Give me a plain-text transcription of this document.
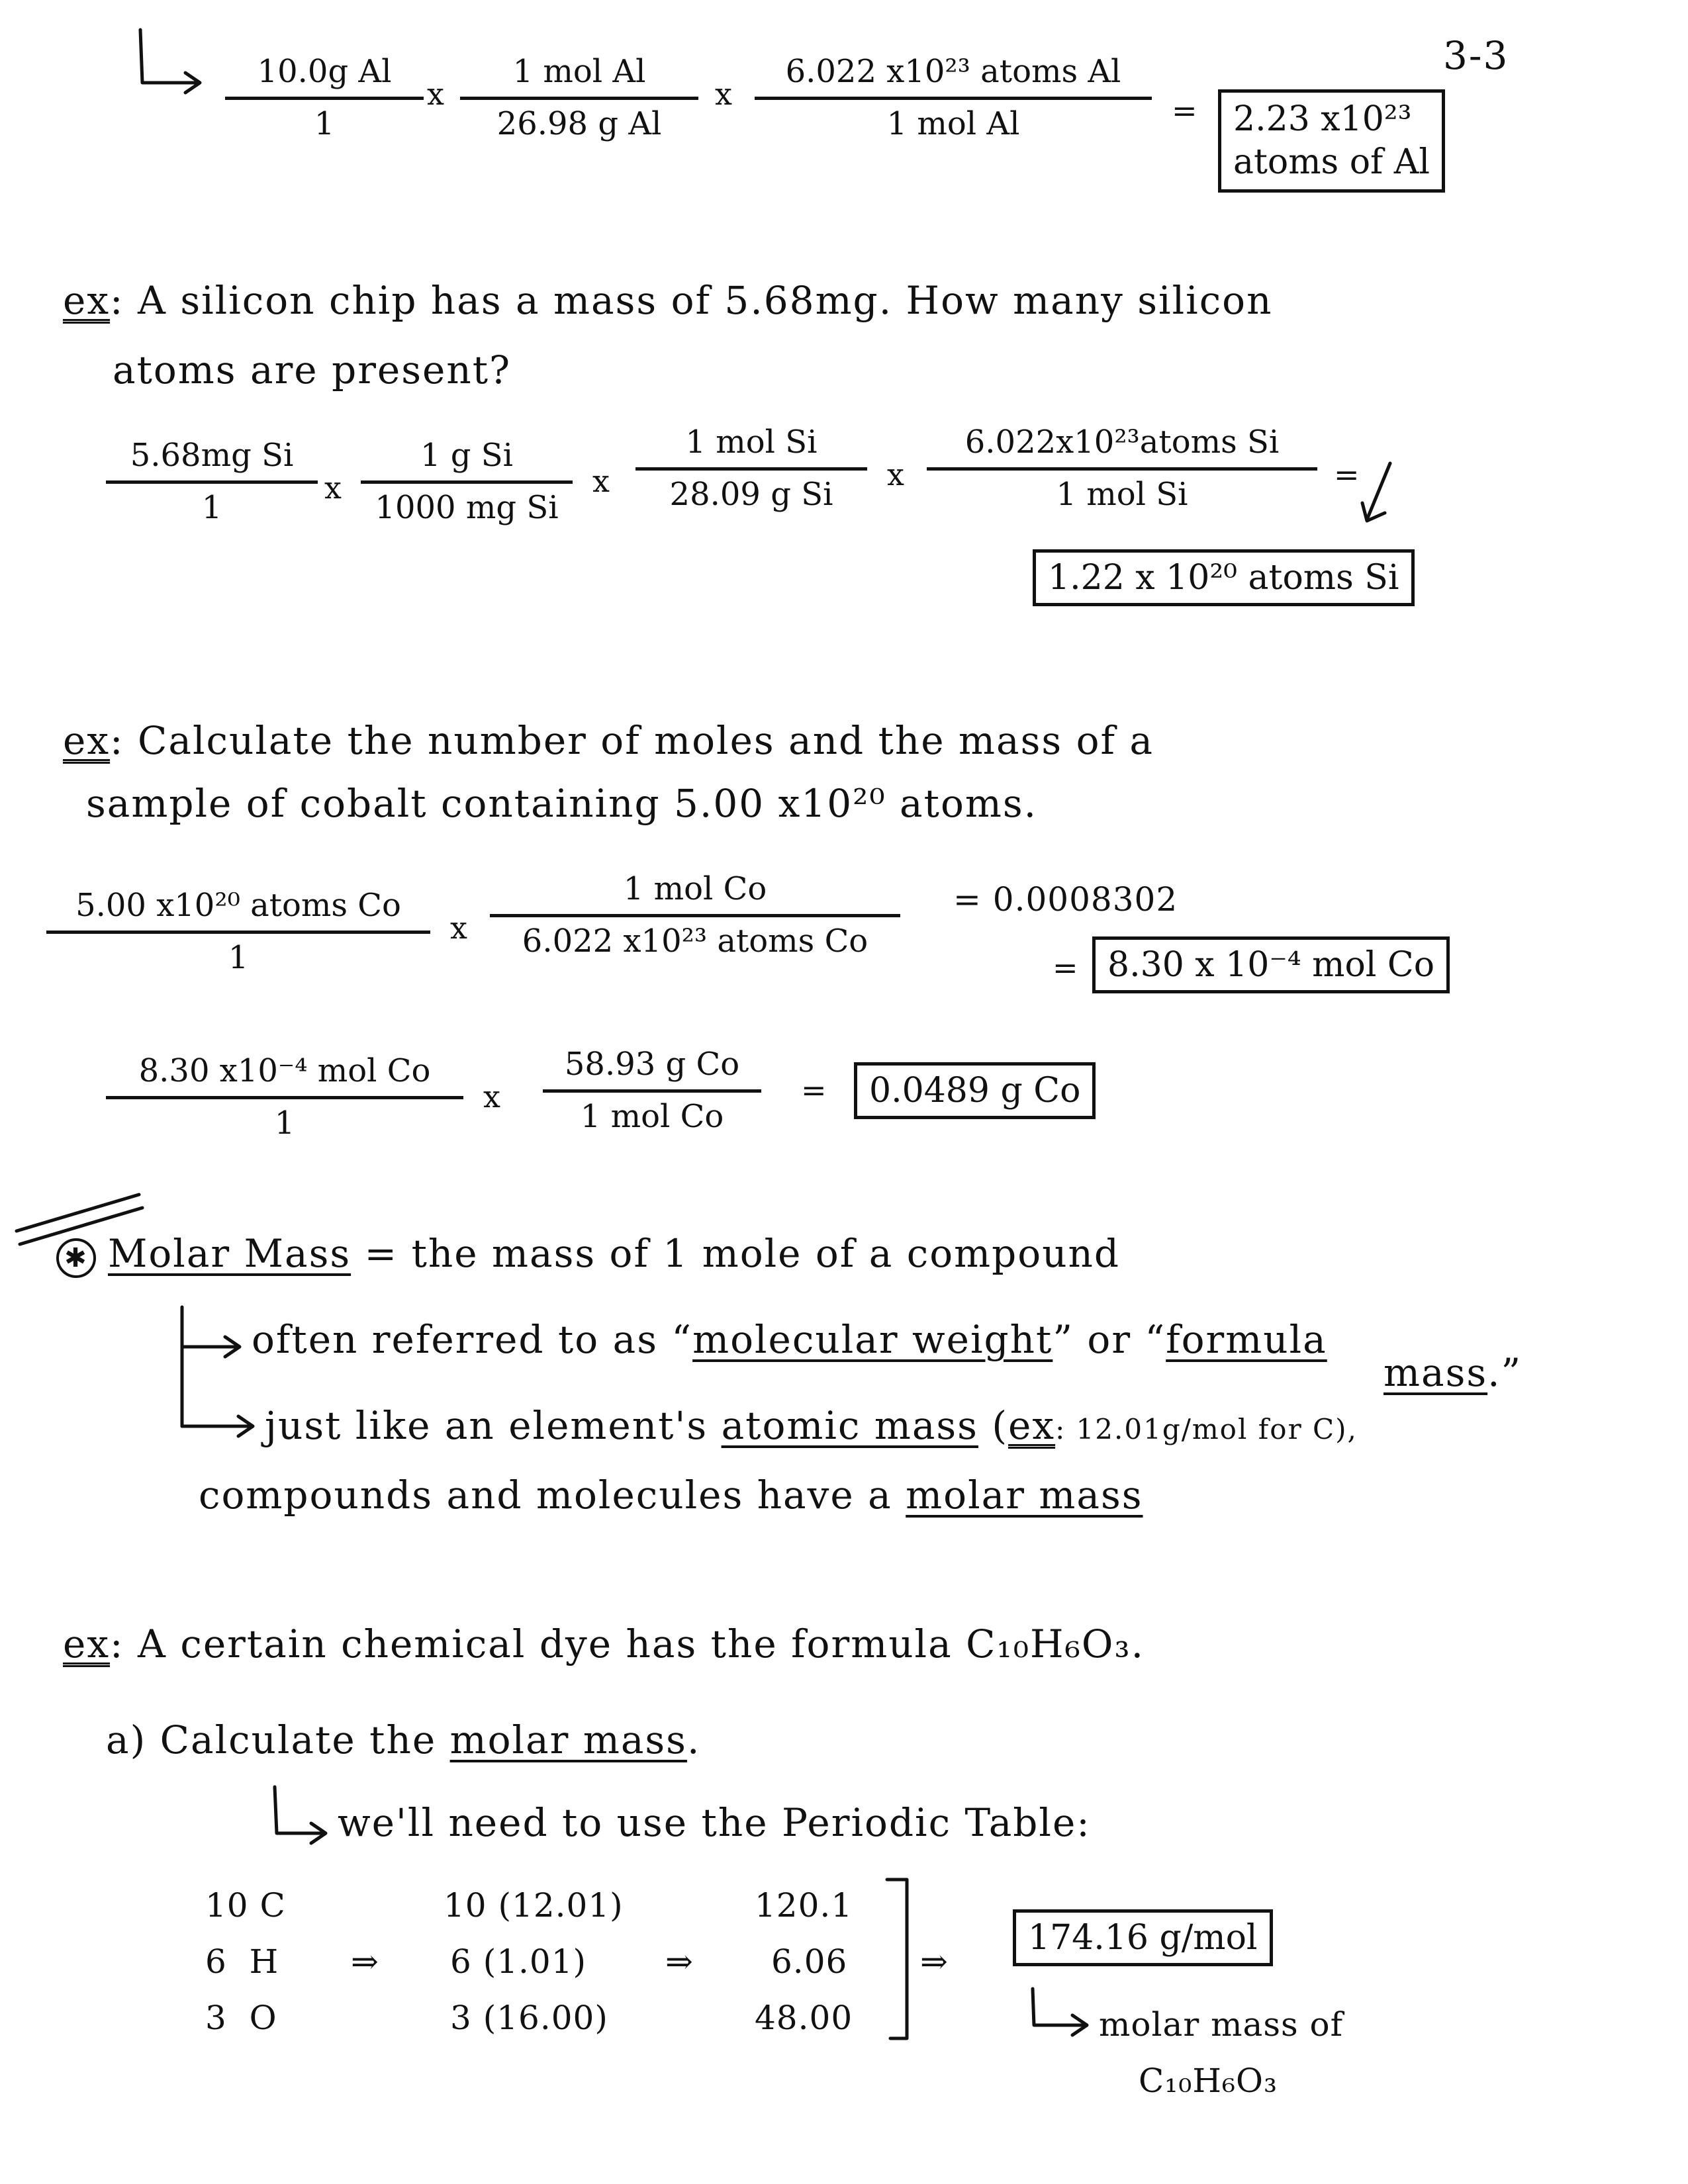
3-3
$\frac{\text{10.0g Al}}{1}$ x
1 mol Al
26.98 g Al
x
6.022 x10²³ atoms Al
1 mol Al	= 2.23 x10²³
atoms of Al
ex: A silicon chip has a mass of 5.68mg. How many silicon
atoms are present?
$\frac{\text{5.68mg Si}}{1}$ x $\frac{\text{1 g Si}}{\text{1000 mg Si}}$ x
1 mol Si
28.09 g Si
x
6.022x10²³atoms Si
1 mol Si
=
1.22 x 10²⁰ atoms Si
ex: Calculate the number of moles and the mass of a
sample of cobalt containing 5.00 x10²⁰ atoms.
5.00 x10²⁰ atoms Co
1
x
1 mol Co
6.022 x10²³ atoms Co
= 0.0008302
= 8.30 x 10⁻⁴ mol Co
8.30 x10⁻⁴ mol Co
1
x
58.93 g Co
1 mol Co
=	0.0489 g Co
✱ Molar Mass = the mass of 1 mole of a compound
often referred to as “molecular weight” or “formula
mass.”
just like an element's atomic mass (ex: 12.01g/mol for C),
compounds and molecules have a molar mass
ex: A certain chemical dye has the formula C₁₀H₆O₃.
a) Calculate the molar mass.
we'll need to use the Periodic Table:
10 C	10 (12.01)	120.1
6  H ⇒ 6 (1.01) ⇒ 6.06
3  O	3 (16.00)	48.00
⇒
174.16 g/mol
molar mass of
C₁₀H₆O₃
